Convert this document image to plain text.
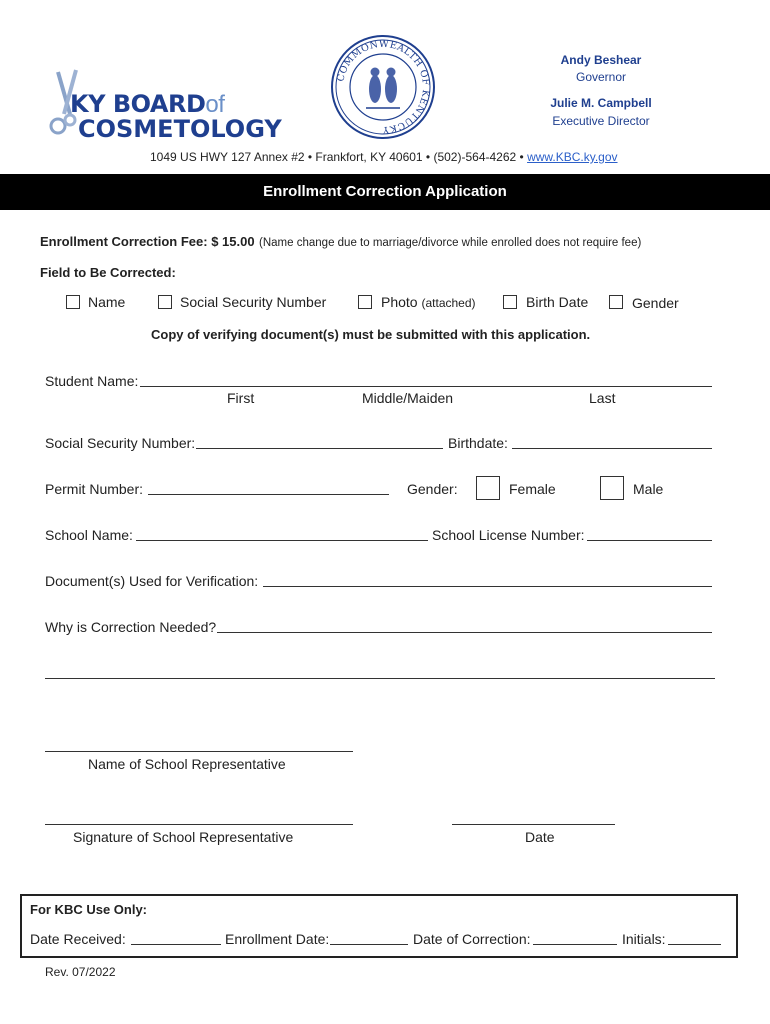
KY BOARDof
COSMETOLOGY
COMMONWEALTH OF KENTUCKY
Andy Beshear
Governor
Julie M. Campbell
Executive Director
1049 US HWY 127 Annex #2 • Frankfort, KY 40601 • (502)-564-4262 • www.KBC.ky.gov
Enrollment Correction Application
Enrollment Correction Fee: $ 15.00 (Name change due to marriage/divorce while enrolled does not require fee)
Field to Be Corrected:
Name	Social Security Number	Photo (attached)	Birth Date	Gender
Copy of verifying document(s) must be submitted with this application.
Student Name:
First	Middle/Maiden	Last
Social Security Number:	Birthdate:
Permit Number:	Gender:	Female	Male
School Name:	School License Number:
Document(s) Used for Verification:
Why is Correction Needed?
Name of School Representative
Signature of School Representative	Date
For KBC Use Only:
Date Received:	Enrollment Date:	Date of Correction:	Initials:
Rev. 07/2022
